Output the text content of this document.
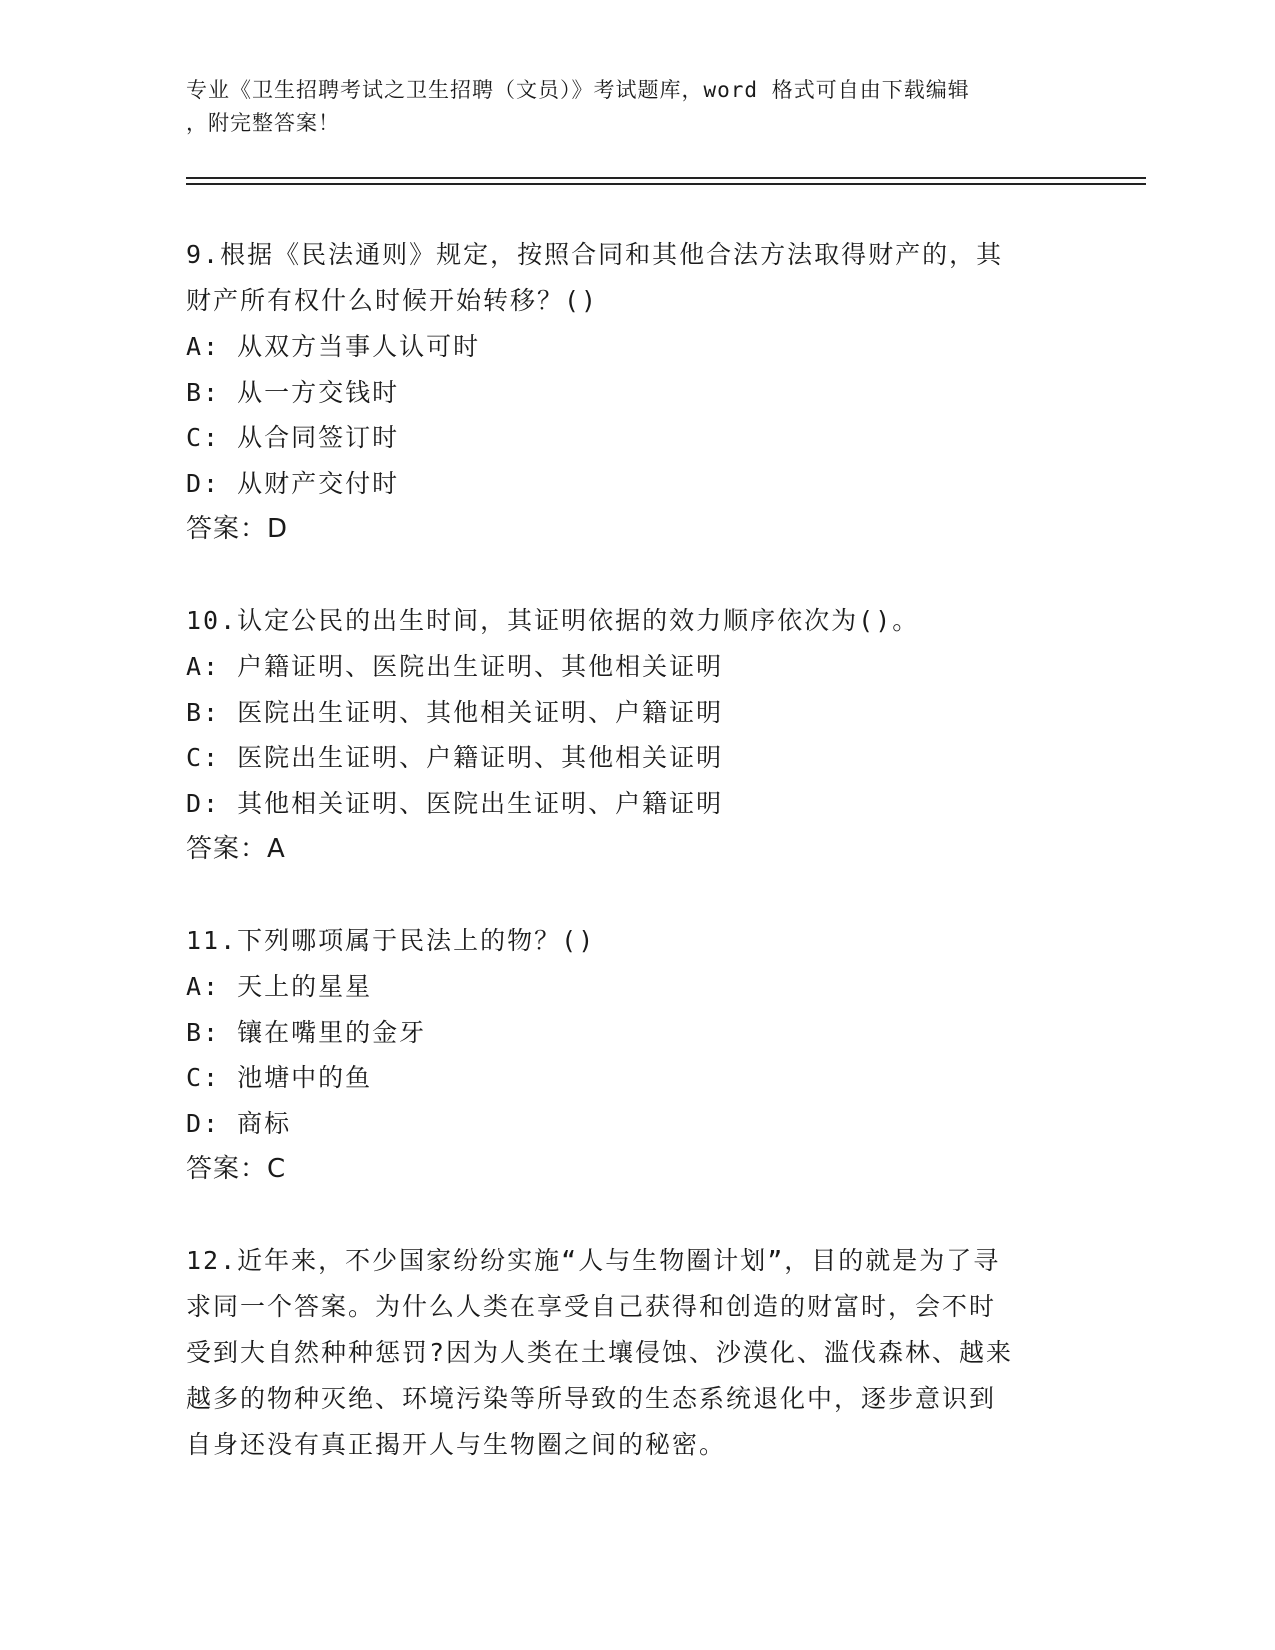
专业《卫生招聘考试之卫生招聘（文员）》考试题库，word 格式可自由下载编辑
，附完整答案！

9.根据《民法通则》规定，按照合同和其他合法方法取得财产的，其

财产所有权什么时候开始转移？()

A: 从双方当事人认可时

B: 从一方交钱时

C: 从合同签订时

D: 从财产交付时

答案：D

10.认定公民的出生时间，其证明依据的效力顺序依次为()。

A: 户籍证明、医院出生证明、其他相关证明

B: 医院出生证明、其他相关证明、户籍证明

C: 医院出生证明、户籍证明、其他相关证明

D: 其他相关证明、医院出生证明、户籍证明

答案：A

11.下列哪项属于民法上的物？()

A: 天上的星星

B: 镶在嘴里的金牙

C: 池塘中的鱼

D: 商标

答案：C

12.近年来，不少国家纷纷实施“人与生物圈计划”，目的就是为了寻

求同一个答案。为什么人类在享受自己获得和创造的财富时，会不时

受到大自然种种惩罚?因为人类在土壤侵蚀、沙漠化、滥伐森林、越来

越多的物种灭绝、环境污染等所导致的生态系统退化中，逐步意识到

自身还没有真正揭开人与生物圈之间的秘密。
